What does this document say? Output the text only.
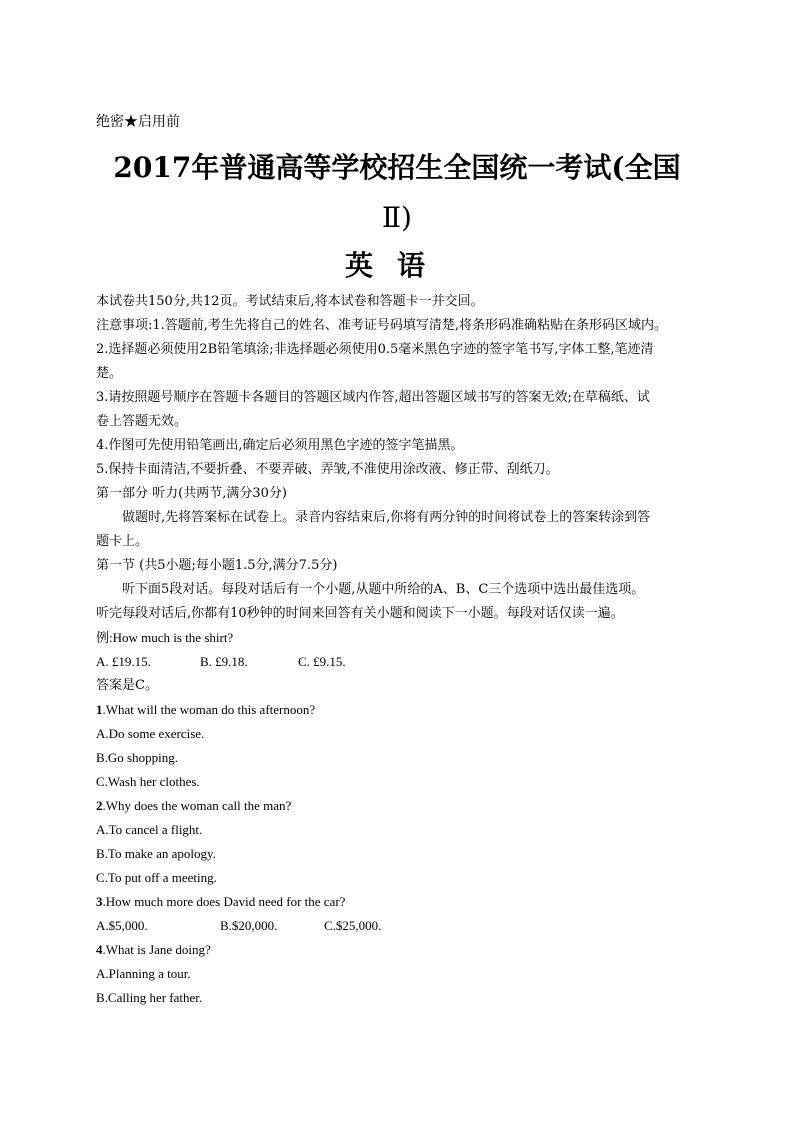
绝密★启用前
2017年普通高等学校招生全国统一考试(全国
Ⅱ)
英语
本试卷共150分,共12页。考试结束后,将本试卷和答题卡一并交回。
注意事项:1.答题前,考生先将自己的姓名、准考证号码填写清楚,将条形码准确粘贴在条形码区域内。
2.选择题必须使用2B铅笔填涂;非选择题必须使用0.5毫米黑色字迹的签字笔书写,字体工整,笔迹清
楚。
3.请按照题号顺序在答题卡各题目的答题区域内作答,超出答题区域书写的答案无效;在草稿纸、试
卷上答题无效。
4.作图可先使用铅笔画出,确定后必须用黑色字迹的签字笔描黑。
5.保持卡面清洁,不要折叠、不要弄破、弄皱,不准使用涂改液、修正带、刮纸刀。
第一部分 听力(共两节,满分30分)
做题时,先将答案标在试卷上。录音内容结束后,你将有两分钟的时间将试卷上的答案转涂到答
题卡上。
第一节 (共5小题;每小题1.5分,满分7.5分)
听下面5段对话。每段对话后有一个小题,从题中所给的A、B、C三个选项中选出最佳选项。
听完每段对话后,你都有10秒钟的时间来回答有关小题和阅读下一小题。每段对话仅读一遍。
例:How much is the shirt?
A. £19.15.	B. £9.18.	C. £9.15.
答案是C。
1.What will the woman do this afternoon?
A.Do some exercise.
B.Go shopping.
C.Wash her clothes.
2.Why does the woman call the man?
A.To cancel a flight.
B.To make an apology.
C.To put off a meeting.
3.How much more does David need for the car?
A.$5,000.	B.$20,000.	C.$25,000.
4.What is Jane doing?
A.Planning a tour.
B.Calling her father.
